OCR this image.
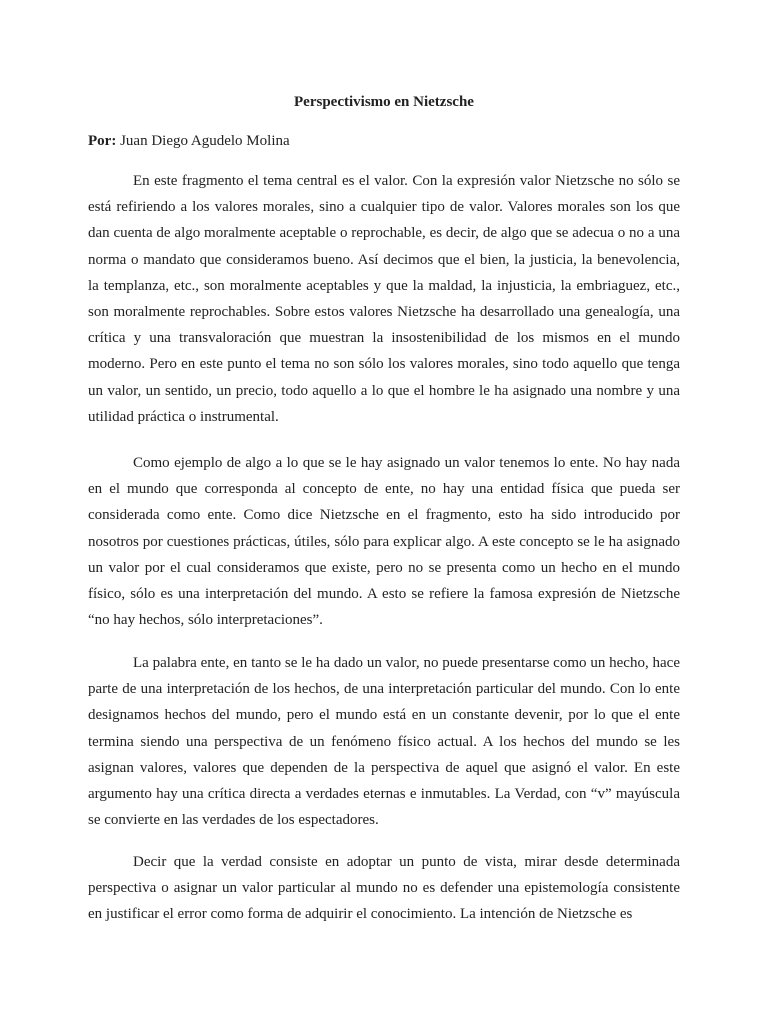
Perspectivismo en Nietzsche

Por: Juan Diego Agudelo Molina

En este fragmento el tema central es el valor. Con la expresión valor Nietzsche no sólo se está refiriendo a los valores morales, sino a cualquier tipo de valor. Valores morales son los que dan cuenta de algo moralmente aceptable o reprochable, es decir, de algo que se adecua o no a una norma o mandato que consideramos bueno. Así decimos que el bien, la justicia, la benevolencia, la templanza, etc., son moralmente aceptables y que la maldad, la injusticia, la embriaguez, etc., son moralmente reprochables. Sobre estos valores Nietzsche ha desarrollado una genealogía, una crítica y una transvaloración que muestran la insostenibilidad de los mismos en el mundo moderno. Pero en este punto el tema no son sólo los valores morales, sino todo aquello que tenga un valor, un sentido, un precio, todo aquello a lo que el hombre le ha asignado una nombre y una utilidad práctica o instrumental.

Como ejemplo de algo a lo que se le hay asignado un valor tenemos lo ente. No hay nada en el mundo que corresponda al concepto de ente, no hay una entidad física que pueda ser considerada como ente. Como dice Nietzsche en el fragmento, esto ha sido introducido por nosotros por cuestiones prácticas, útiles, sólo para explicar algo. A este concepto se le ha asignado un valor por el cual consideramos que existe, pero no se presenta como un hecho en el mundo físico, sólo es una interpretación del mundo. A esto se refiere la famosa expresión de Nietzsche “no hay hechos, sólo interpretaciones”.

La palabra ente, en tanto se le ha dado un valor, no puede presentarse como un hecho, hace parte de una interpretación de los hechos, de una interpretación particular del mundo. Con lo ente designamos hechos del mundo, pero el mundo está en un constante devenir, por lo que el ente termina siendo una perspectiva de un fenómeno físico actual. A los hechos del mundo se les asignan valores, valores que dependen de la perspectiva de aquel que asignó el valor. En este argumento hay una crítica directa a verdades eternas e inmutables. La Verdad, con “v” mayúscula se convierte en las verdades de los espectadores.

Decir que la verdad consiste en adoptar un punto de vista, mirar desde determinada perspectiva o asignar un valor particular al mundo no es defender una epistemología consistente en justificar el error como forma de adquirir el conocimiento. La intención de Nietzsche es
